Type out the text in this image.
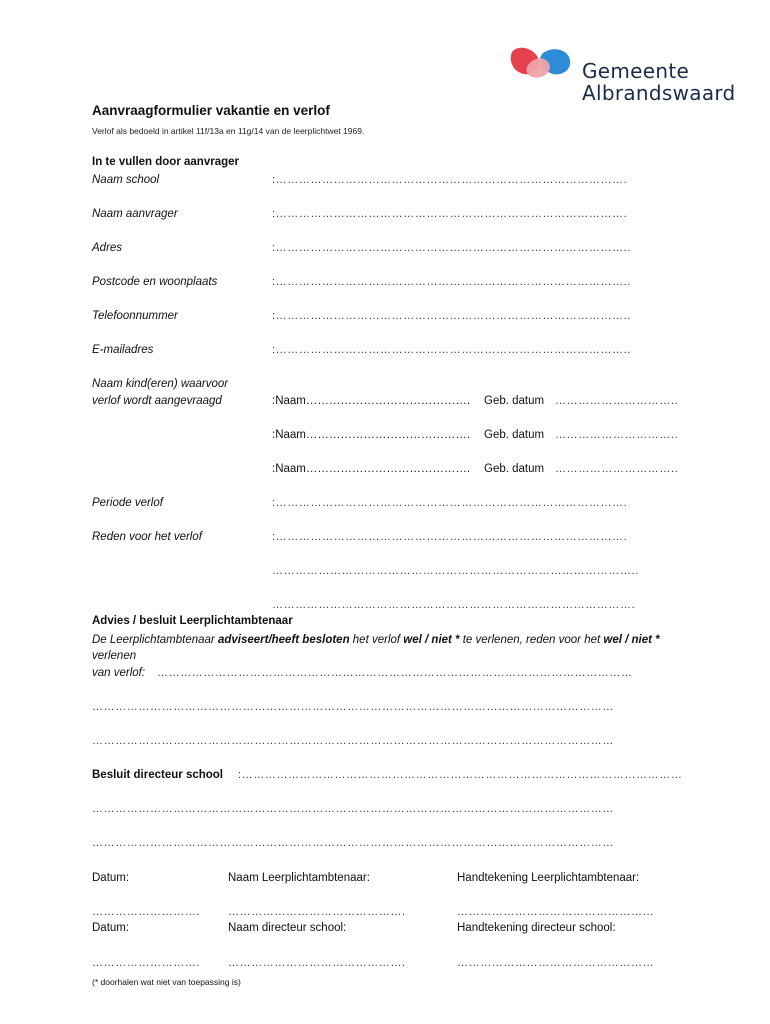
Gemeente
Albrandswaard
Aanvraagformulier vakantie en verlof
Verlof als bedoeld in artikel 11f/13a en 11g/14 van de leerplichtwet 1969.
In te vullen door aanvrager
Naam school	:……………………………………………………………………………….
Naam aanvrager	:……………………………………………………………………………….
Adres	:………………………………………………………………………………..
Postcode en woonplaats	:………………………………………………………………………………..
Telefoonnummer	:………………………………………………………………………………..
E-mailadres	:………………………………………………………………………………..
Naam kind(eren) waarvoor
verlof wordt aangevraagd	:Naam……………………………………. Geb. datum …………………………..
:Naam……………………………………. Geb. datum …………………………..
:Naam……………………………………. Geb. datum …………………………..
Periode verlof	:……………………………………………………………………………….
Reden voor het verlof	:……………………………………………………………………………….
…………………………………………………………………………………..
………………………………………………………………………………….
Advies / besluit Leerplichtambtenaar
De Leerplichtambtenaar adviseert/heeft besloten het verlof wel / niet * te verlenen, reden voor het wel / niet * verlenen
van verlof: ……………………………………………………………………………………………………………
………………………………………………………………………………………………………………………
………………………………………………………………………………………………………………………
Besluit directeur school :……………………………………………………………………………………………………
………………………………………………………………………………………………………………………
………………………………………………………………………………………………………………………
Datum:	Naam Leerplichtambtenaar:	Handtekening Leerplichtambtenaar:
……………………….	……………………………………….	……………………………………………
Datum:	Naam directeur school:	Handtekening directeur school:
……………………….	……………………………………….	……………………………………………
(* doorhalen wat niet van toepassing is)
